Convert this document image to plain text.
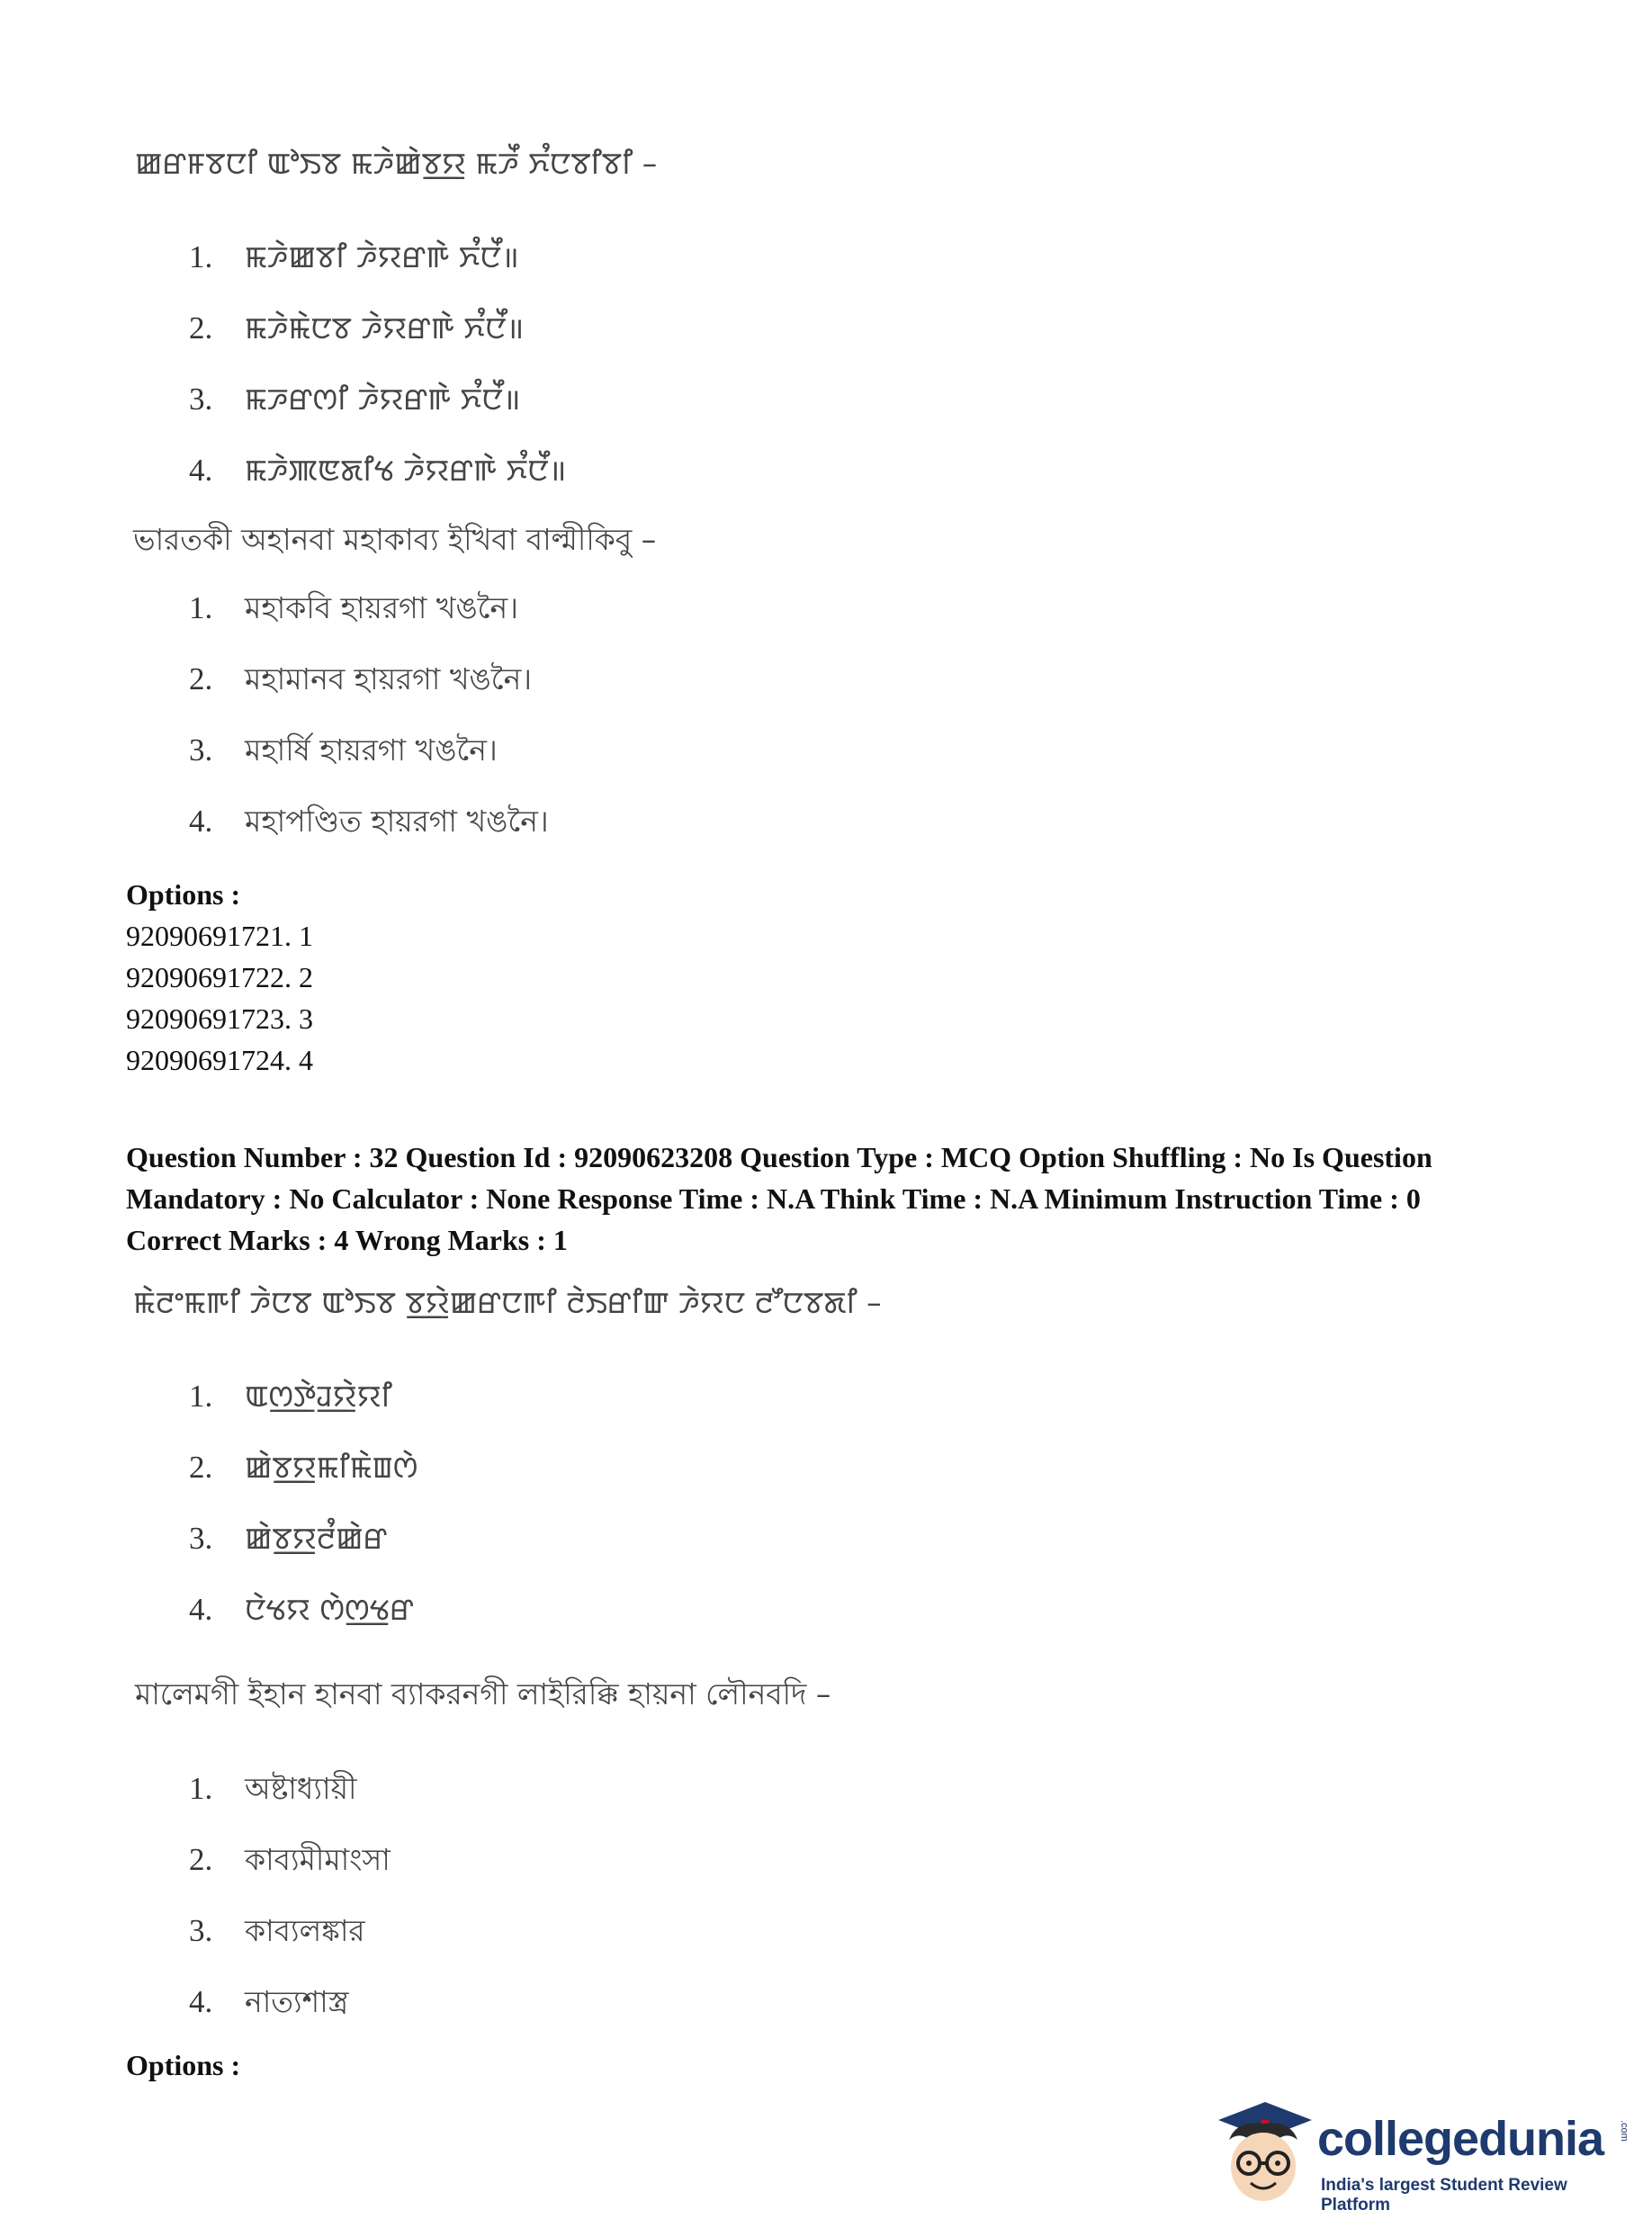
ꯀꯔꯝꯕꯅꯤ ꯑꯣꯏꯕ ꯃꯍꯥꯀꯥꯕ꯭ꯌ ꯃꯍꯩ ꯈꯪꯅꯕꯤꯕꯤ –
1. ꯃꯍꯥꯀꯕꯤ ꯍꯥꯌꯔꯒꯥ ꯈꯪꯅꯩ॥
2. ꯃꯍꯥꯃꯥꯅꯕ ꯍꯥꯌꯔꯒꯥ ꯈꯪꯅꯩ॥
3. ꯃꯍꯔꯁꯤ ꯍꯥꯌꯔꯒꯥ ꯈꯪꯅꯩ॥
4. ꯃꯍꯥꯄꯟꯗꯤꯠ ꯍꯥꯌꯔꯒꯥ ꯈꯪꯅꯩ॥
ভারতকী অহানবা মহাকাব্য ইখিবা বাল্মীকিবু –
1. মহাকবি হায়রগা খঙনৈ।
2. মহামানব হায়রগা খঙনৈ।
3. মহার্ষি হায়রগা খঙনৈ।
4. মহাপণ্ডিত হায়রগা খঙনৈ।
Options :
92090691721. 1
92090691722. 2
92090691723. 3
92090691724. 4
Question Number : 32 Question Id : 92090623208 Question Type : MCQ Option Shuffling : No Is Question
Mandatory : No Calculator : None Response Time : N.A Think Time : N.A Minimum Instruction Time : 0
Correct Marks : 4 Wrong Marks : 1
ꯃꯥꯂꯦꯃꯒꯤ ꯍꯥꯅꯕ ꯑꯣꯏꯕ ꯕ꯭ꯌꯥꯀꯔꯅꯒꯤ ꯂꯥꯏꯔꯤꯛ ꯍꯥꯌꯅ ꯂꯧꯅꯕꯗꯤ –
1. ꯑꯁ꯭ꯇꯥꯙ꯭ꯌꯥꯌꯤ
2. ꯀꯥꯕ꯭ꯌꯃꯤꯃꯥꯡꯁꯥ
3. ꯀꯥꯕ꯭ꯌꯂꯪꯀꯥꯔ
4. ꯅꯥꯠꯌ ꯁꯥꯁ꯭ꯠꯔ
মালেমগী ইহান হানবা ব্যাকরনগী লাইরিক্কি হায়না লৌনবদি –
1. অষ্টাধ্যায়ী
2. কাব্যমীমাংসা
3. কাব্যলঙ্কার
4. নাত্যশাস্ত্র
Options :
collegedunia .com
India's largest Student Review Platform
